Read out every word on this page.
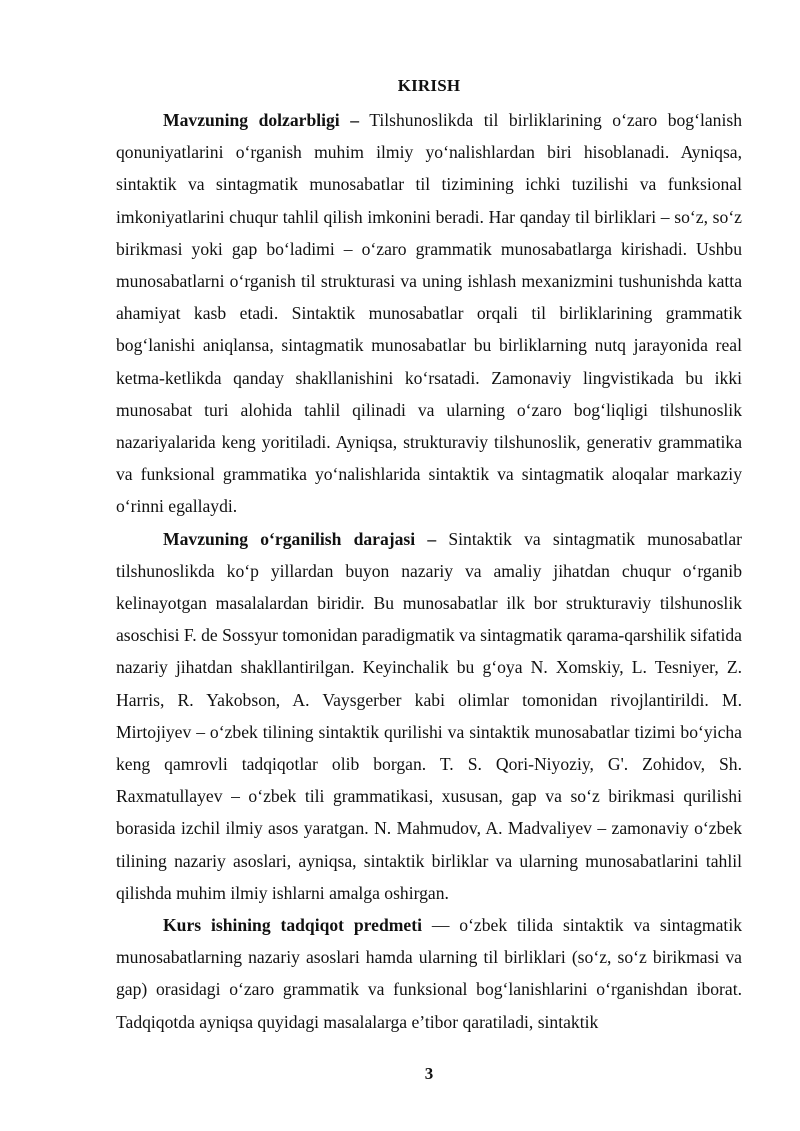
KIRISH

Mavzuning dolzarbligi – Tilshunoslikda til birliklarining o‘zaro bog‘lanish qonuniyatlarini o‘rganish muhim ilmiy yo‘nalishlardan biri hisoblanadi. Ayniqsa, sintaktik va sintagmatik munosabatlar til tizimining ichki tuzilishi va funksional imkoniyatlarini chuqur tahlil qilish imkonini beradi. Har qanday til birliklari – so‘z, so‘z birikmasi yoki gap bo‘ladimi – o‘zaro grammatik munosabatlarga kirishadi. Ushbu munosabatlarni o‘rganish til strukturasi va uning ishlash mexanizmini tushunishda katta ahamiyat kasb etadi. Sintaktik munosabatlar orqali til birliklarining grammatik bog‘lanishi aniqlansa, sintagmatik munosabatlar bu birliklarning nutq jarayonida real ketma-ketlikda qanday shakllanishini ko‘rsatadi. Zamonaviy lingvistikada bu ikki munosabat turi alohida tahlil qilinadi va ularning o‘zaro bog‘liqligi tilshunoslik nazariyalarida keng yoritiladi. Ayniqsa, strukturaviy tilshunoslik, generativ grammatika va funksional grammatika yo‘nalishlarida sintaktik va sintagmatik aloqalar markaziy o‘rinni egallaydi.

Mavzuning o‘rganilish darajasi – Sintaktik va sintagmatik munosabatlar tilshunoslikda ko‘p yillardan buyon nazariy va amaliy jihatdan chuqur o‘rganib kelinayotgan masalalardan biridir. Bu munosabatlar ilk bor strukturaviy tilshunoslik asoschisi F. de Sossyur tomonidan paradigmatik va sintagmatik qarama-qarshilik sifatida nazariy jihatdan shakllantirilgan. Keyinchalik bu g‘oya N. Xomskiy, L. Tesniyer, Z. Harris, R. Yakobson, A. Vaysgerber kabi olimlar tomonidan rivojlantirildi. M. Mirtojiyev – o‘zbek tilining sintaktik qurilishi va sintaktik munosabatlar tizimi bo‘yicha keng qamrovli tadqiqotlar olib borgan. T. S. Qori-Niyoziy, G'. Zohidov, Sh. Raxmatullayev – o‘zbek tili grammatikasi, xususan, gap va so‘z birikmasi qurilishi borasida izchil ilmiy asos yaratgan. N. Mahmudov, A. Madvaliyev – zamonaviy o‘zbek tilining nazariy asoslari, ayniqsa, sintaktik birliklar va ularning munosabatlarini tahlil qilishda muhim ilmiy ishlarni amalga oshirgan.

Kurs ishining tadqiqot predmeti — o‘zbek tilida sintaktik va sintagmatik munosabatlarning nazariy asoslari hamda ularning til birliklari (so‘z, so‘z birikmasi va gap) orasidagi o‘zaro grammatik va funksional bog‘lanishlarini o‘rganishdan iborat. Tadqiqotda ayniqsa quyidagi masalalarga e’tibor qaratiladi, sintaktik

3
